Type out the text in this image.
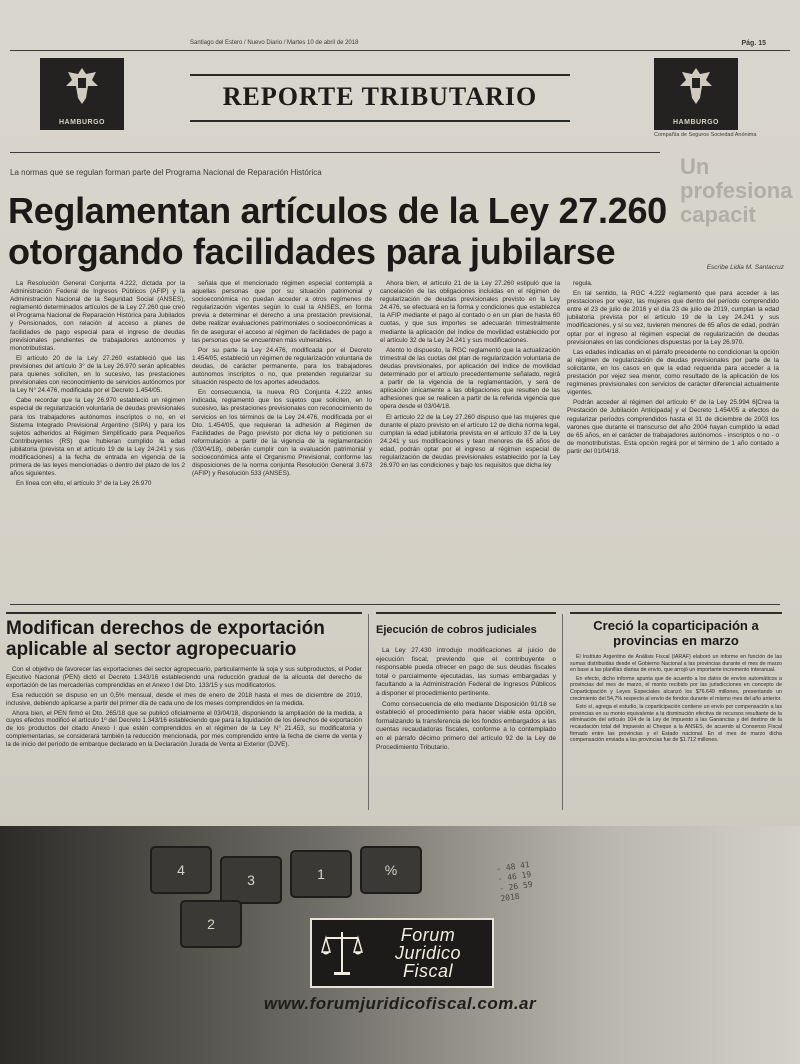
Santiago del Estero / Nuevo Diario / Martes 10 de abril de 2018	Pág. 15
HAMBURGO
REPORTE TRIBUTARIO
HAMBURGO
Compañía de Seguros Sociedad Anónima
Un profesiona capacit
La normas que se regulan forman parte del Programa Nacional de Reparación Histórica
Reglamentan artículos de la Ley 27.260 otorgando facilidades para jubilarse	Escribe Lidia M. Santacruz

La Resolución General Conjunta 4.222, dictada por la Administración Federal de Ingresos Públicos (AFIP) y la Administración Nacional de la Seguridad Social (ANSES), reglamentó determinados artículos de la Ley 27.260 que creó el Programa Nacional de Reparación Histórica para Jubilados y Pensionados, con relación al acceso a planes de facilidades de pago especial para el ingreso de deudas previsionales pendientes de trabajadores autónomos y monotributistas.

El artículo 20 de la Ley 27.260 estableció que las previsiones del artículo 3° de la Ley 26.970 serán aplicables para quienes soliciten, en lo sucesivo, las prestaciones previsionales con reconocimiento de servicios autónomos por la Ley N° 24.476, modificada por el Decreto 1.454/05.

Cabe recordar que la Ley 26.970 estableció un régimen especial de regularización voluntaria de deudas previsionales para los trabajadores autónomos inscriptos o no, en el Sistema Integrado Previsional Argentino (SIPA) y para los sujetos adheridos al Régimen Simplificado para Pequeños Contribuyentes (RS) que hubieran cumplido la edad jubilatoria (prevista en el artículo 19 de la Ley 24.241 y sus modificaciones) a la fecha de entrada en vigencia de la primera de las leyes mencionadas o dentro del plazo de los 2 años siguientes.

En línea con ello, el artículo 3° de la Ley 26.970

señala que el mencionado régimen especial contemplá a aquellas personas que por su situación patrimonial y socioeconómica no puedan acceder a otros regímenes de regularización vigentes según lo cual la ANSES, en forma previa a determinar el derecho a una prestación previsional, debe realizar evaluaciones patrimoniales o socioeconómicas a fin de asegurar el acceso al régimen de facilidades de pago a las personas que se encuentren más vulnerables.

Por su parte la Ley 24.476, modificada por el Decreto 1.454/05, estableció un régimen de regularización voluntaria de deudas, de carácter permanente, para los trabajadores autónomos inscriptos o no, que pretenden regularizar su situación respecto de los aportes adeudados.

En consecuencia, la nueva RG Conjunta 4.222 antes indicada, reglamentó que los sujetos que soliciten, en lo sucesivo, las prestaciones previsionales con reconocimiento de servicios en los términos de la Ley 24.476, modificada por el Dto. 1.454/05, que requieran la adhesión al Régimen de Facilidades de Pago previsto por dicha ley o peticionen su reformulación a partir de la vigencia de la reglamentación (03/04/18), deberán cumplir con la evaluación patrimonial y socioeconómica ante el Organismo Previsional, conforme las disposiciones de la norma conjunta Resolución General 3.673 (AFIP) y Resolución 533 (ANSES).

Ahora bien, el artículo 21 de la Ley 27.260 estipuló que la cancelación de las obligaciones incluidas en el régimen de regularización de deudas previsionales previsto en la Ley 24.476, se efectuará en la forma y condiciones que establezca la AFIP mediante el pago al contado o en un plan de hasta 60 cuotas, y que sus importes se adecuarán trimestralmente mediante la aplicación del índice de movilidad establecido por el artículo 32 de la Ley 24.241 y sus modificaciones.

Atento lo dispuesto, la RGC reglamentó que la actualización trimestral de las cuotas del plan de regularización voluntaria de deudas previsionales, por aplicación del índice de movilidad determinado por el artículo precedentemente señalado, regirá a partir de la vigencia de la reglamentación, y será de aplicación únicamente a las obligaciones que resulten de las adhesiones que se realicen a partir de la referida vigencia que opera desde el 03/04/18.

El artículo 22 de la Ley 27.260 dispuso que las mujeres que durante el plazo previsto en el artículo 12 de dicha norma legal, cumplan la edad jubilatoria prevista en el artículo 37 de la Ley 24.241 y sus modificaciones y tean menores de 65 años de edad, podrán optar por el ingreso al régimen especial de regularización de deudas previsionales establecido por la Ley 26.970 en las condiciones y bajo los requisitos que dicha ley

regula.

En tal sentido, la RGC 4.222 reglamentó que para acceder a las prestaciones por vejez, las mujeres que dentro del período comprendido entre el 23 de julio de 2016 y el día 23 de julio de 2019, cumplan la edad jubilatoria prevista por el artículo 19 de la Ley 24.241 y sus modificaciones, y sí su vez, tuvieren menores de 65 años de edad, podrán optar por el ingreso al régimen especial de regularización de deudas previsionales en las condiciones dispuestas por la Ley 26.970.

Las edades indicadas en el párrafo precedente no condicionan la opción al régimen de regularización de deudas previsionales por parte de la solicitante, en los casos en que la edad requerida para acceder a la prestación por vejez sea menor, como resultado de la aplicación de los regímenes previsionales con servicios de carácter diferencial actualmente vigentes.

Podrán acceder al régimen del artículo 6° de la Ley 25.994 6[Crea la Prestación de Jubilación Anticipada] y el Decreto 1.454/05 a efectos de regularizar períodos comprendidos hasta el 31 de diciembre de 2003 los varones que durante el transcurso del año 2004 hayan cumplido la edad de 65 años, en el carácter de trabajadores autónomos - inscriptos o no - o de monotributistas. Esta opción regirá por el término de 1 año contado a partir del 01/04/18.

Modifican derechos de exportación aplicable al sector agropecuario

Con el objetivo de favorecer las exportaciones del sector agropecuario, particularmente la soja y sus subproductos, el Poder Ejecutivo Nacional (PEN) dictó el Decreto 1.343/16 estableciendo una reducción gradual de la alícuota del derecho de exportación de las mercaderías comprendidas en el Anexo I del Dto. 133/15 y sus modificatorios.

Esa reducción se dispuso en un 0,5% mensual, desde el mes de enero de 2018 hasta el mes de diciembre de 2019, inclusive, debiendo aplicarse a partir del primer día de cada uno de los meses comprendidos en la medida.

Ahora bien, el PEN firmó el Dto. 265/18 que se publicó oficialmente el 03/04/18, disponiendo la ampliación de la medida, a cuyos efectos modificó el artículo 1º del Decreto 1.343/16 estableciendo que para la liquidación de los derechos de exportación de los productos del citado Anexo I que estén comprendidos en el régimen de la Ley N° 21.453, su modificatoria y complementarias, se considerará también la reducción mencionada, por mes comprendido entre la fecha de cierre de venta y la de inicio del período de embarque declarado en la Declaración Jurada de Venta al Exterior (DJVE).

Ejecución de cobros judiciales

La Ley 27.430 introdujo modificaciones al juicio de ejecución fiscal, previendo que el contribuyente o responsable pueda ofrecer en pago de sus deudas fiscales total o parcialmente ejecutadas, las sumas embargadas y facultando a la Administración Federal de Ingresos Públicos a disponer el procedimiento pertinente.

Como consecuencia de ello mediante Disposición 91/18 se estableció el procedimiento para hacer viable esta opción, formalizando la transferencia de los fondos embargados a las cuentas recaudadoras fiscales, conforme a lo contemplado en el párrafo décimo primero del artículo 92 de la Ley de Procedimiento Tributario.

Creció la coparticipación a provincias en marzo

El Instituto Argentino de Análisis Fiscal (IARAF) elaboró un informe en función de las sumas distribuidas desde el Gobierno Nacional a las provincias durante el mes de marzo en base a las planillas diarias de envío, que arrojó un importante incremento interanual.

En efecto, dicho informe apunta que de acuerdo a los datos de envíos automáticos a provincias del mes de marzo, el monto recibido por las jurisdicciones en concepto de Coparticipación y Leyes Especiales alcanzó los $76.649 millones, presentando un crecimiento del 54,7% respecto al envío de fondos durante el mismo mes del año anterior.

Esto sí, agrega el estudio, la coparticipación contiene un envío por compensación a las provincias en su monto equivalente a la disminución efectiva de recursos resultante de la eliminación del artículo 104 de la Ley de Impuesto a las Ganancias y del destino de la recaudación total del Impuesto al Cheque a la ANSES, de acuerdo al Consenso Fiscal firmado entre las provincias y el Estado nacional. En el mes de marzo dicha compensación enviada a las provincias fue de $1.712 millones.

4
3	1
2
%	- 48 41
- 46 19
- 26 59
2018
Forum
Juridico
Fiscal
www.forumjuridicofiscal.com.ar
